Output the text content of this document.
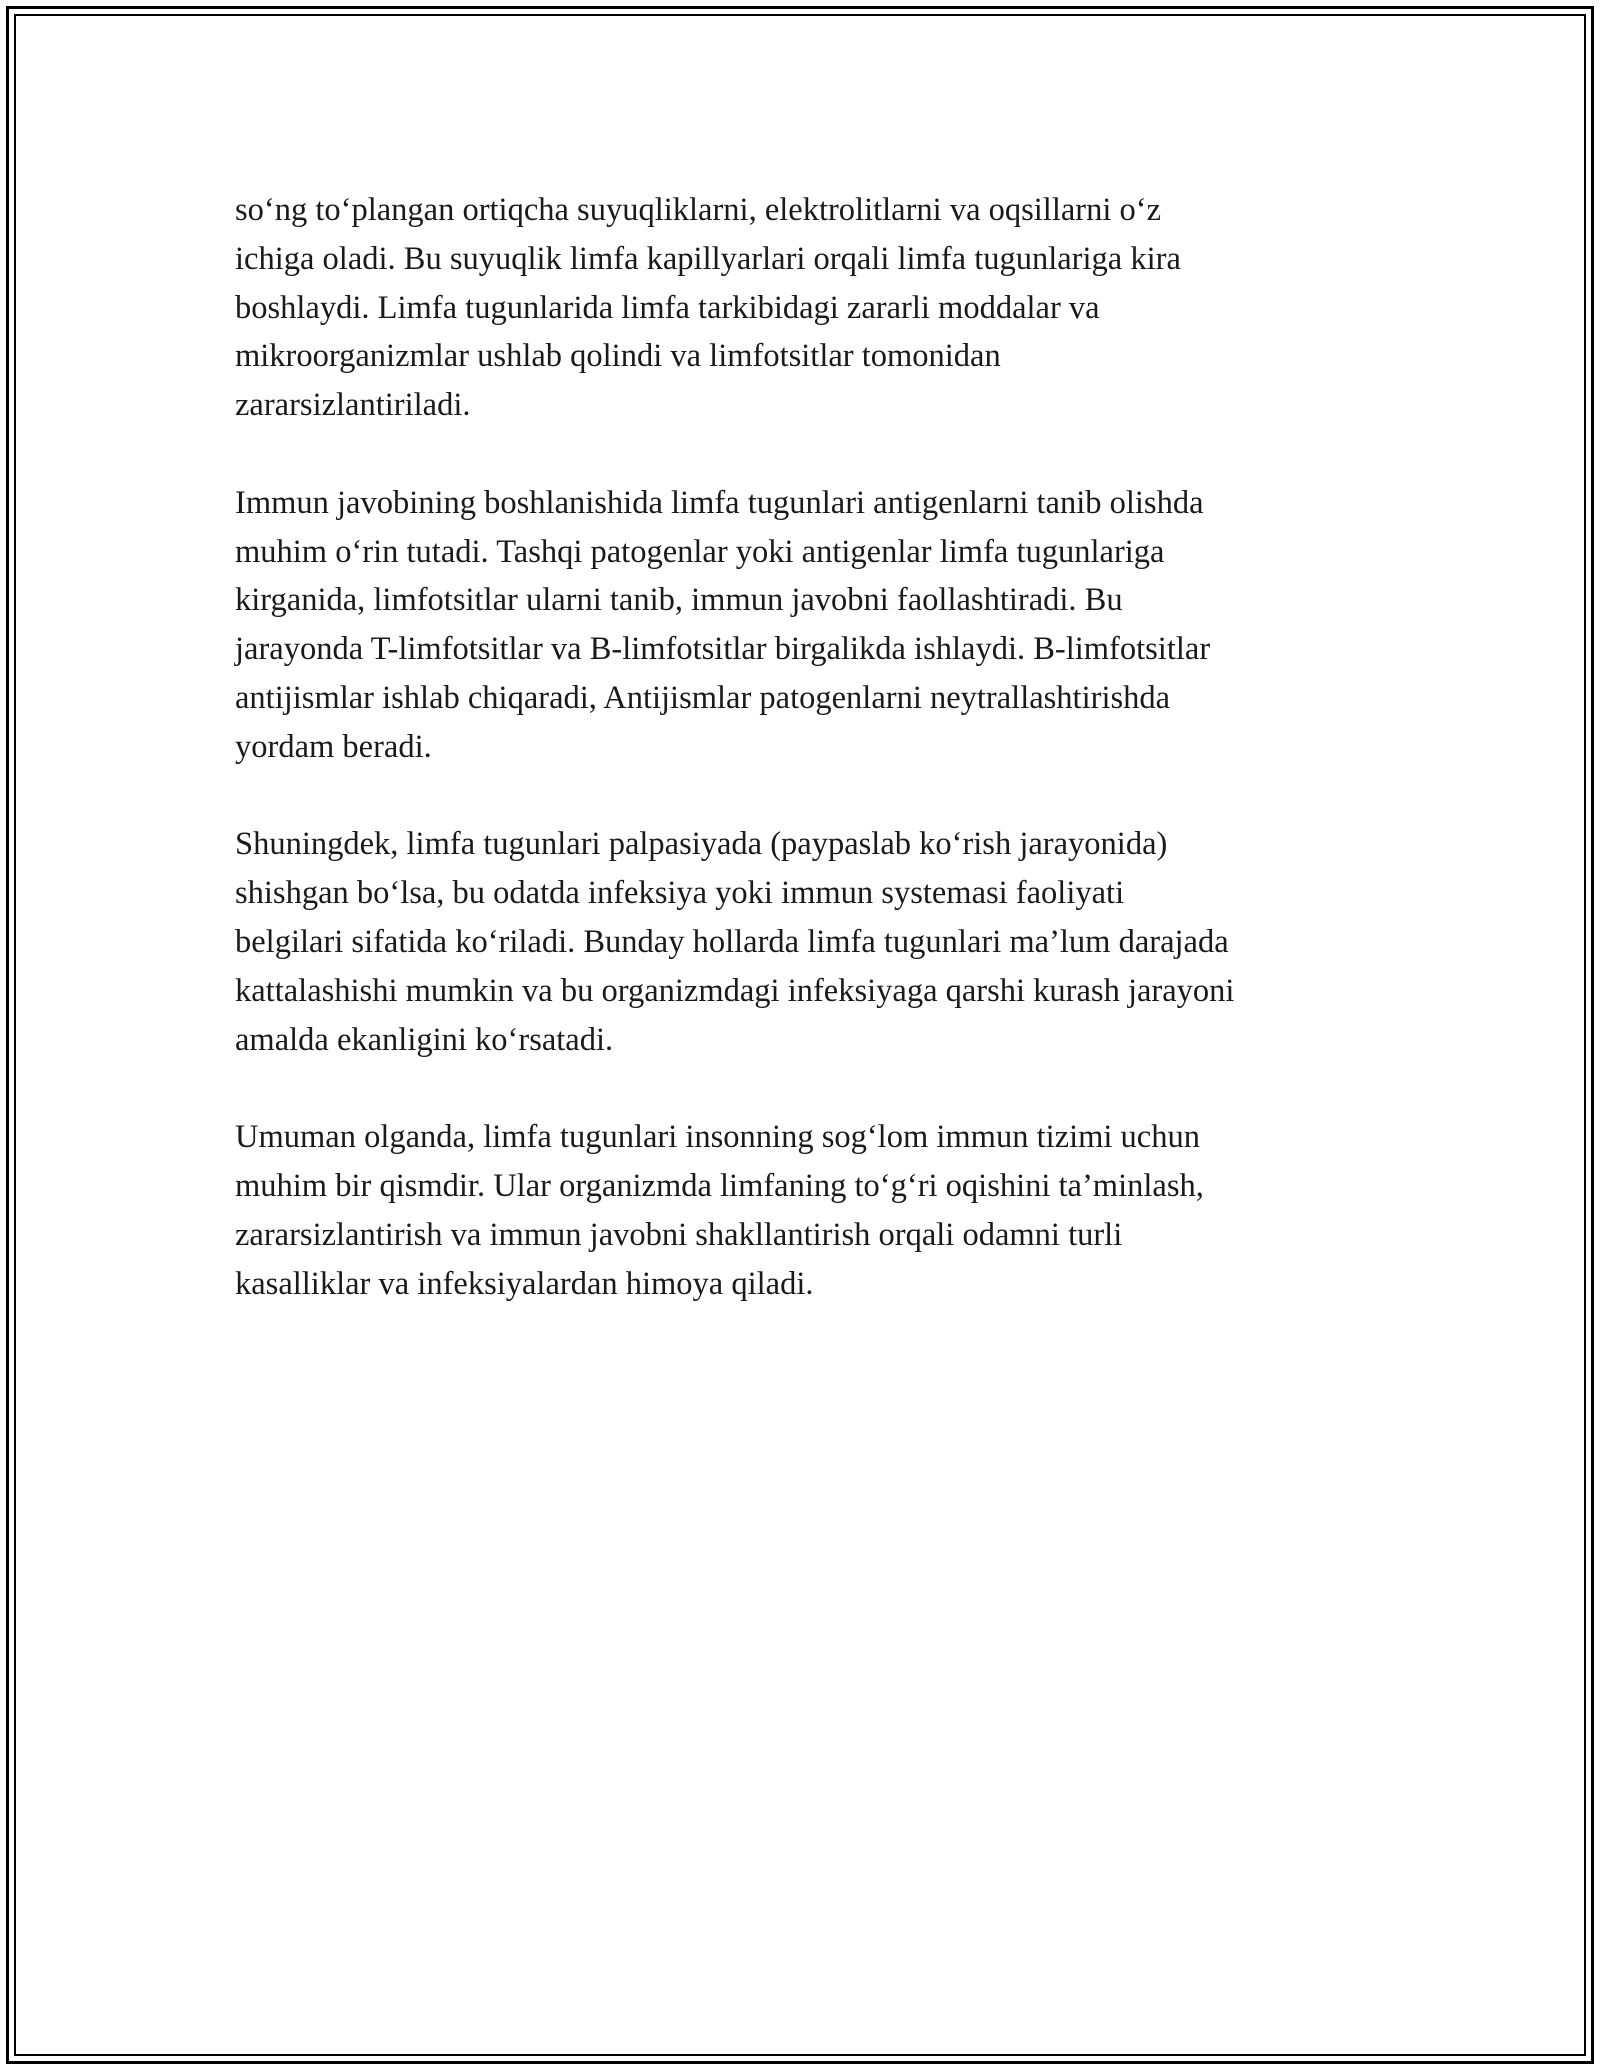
so‘ng to‘plangan ortiqcha suyuqliklarni, elektrolitlarni va oqsillarni o‘z
ichiga oladi. Bu suyuqlik limfa kapillyarlari orqali limfa tugunlariga kira
boshlaydi. Limfa tugunlarida limfa tarkibidagi zararli moddalar va
mikroorganizmlar ushlab qolindi va limfotsitlar tomonidan
zararsizlantiriladi.

Immun javobining boshlanishida limfa tugunlari antigenlarni tanib olishda
muhim o‘rin tutadi. Tashqi patogenlar yoki antigenlar limfa tugunlariga
kirganida, limfotsitlar ularni tanib, immun javobni faollashtiradi. Bu
jarayonda T-limfotsitlar va B-limfotsitlar birgalikda ishlaydi. B-limfotsitlar
antijismlar ishlab chiqaradi, Antijismlar patogenlarni neytrallashtirishda
yordam beradi.

Shuningdek, limfa tugunlari palpasiyada (paypaslab ko‘rish jarayonida)
shishgan bo‘lsa, bu odatda infeksiya yoki immun systemasi faoliyati
belgilari sifatida ko‘riladi. Bunday hollarda limfa tugunlari ma’lum darajada
kattalashishi mumkin va bu organizmdagi infeksiyaga qarshi kurash jarayoni
amalda ekanligini ko‘rsatadi.

Umuman olganda, limfa tugunlari insonning sog‘lom immun tizimi uchun
muhim bir qismdir. Ular organizmda limfaning to‘g‘ri oqishini ta’minlash,
zararsizlantirish va immun javobni shakllantirish orqali odamni turli
kasalliklar va infeksiyalardan himoya qiladi.
